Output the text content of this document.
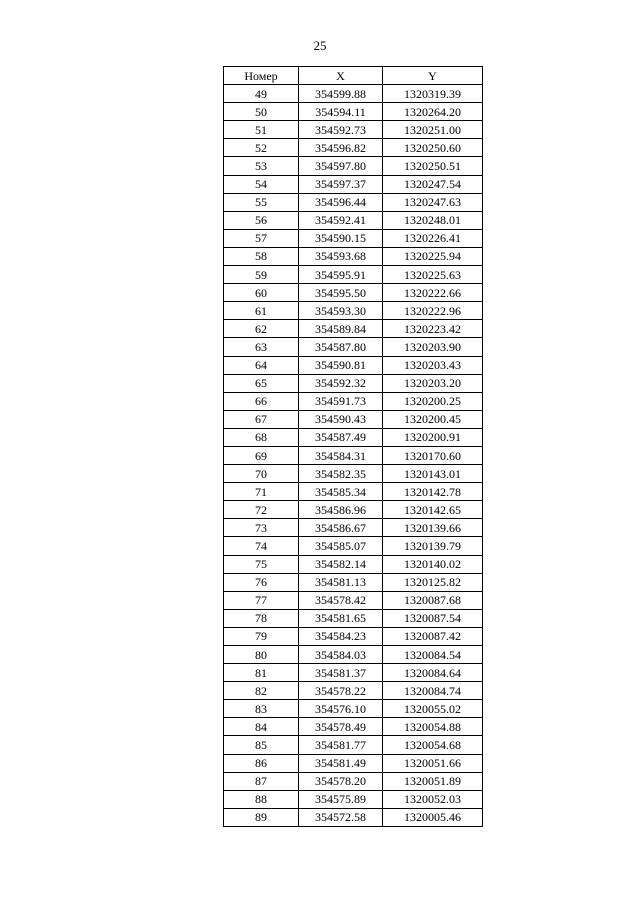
25
Номер	X	Y
49	354599.88	1320319.39
50	354594.11	1320264.20
51	354592.73	1320251.00
52	354596.82	1320250.60
53	354597.80	1320250.51
54	354597.37	1320247.54
55	354596.44	1320247.63
56	354592.41	1320248.01
57	354590.15	1320226.41
58	354593.68	1320225.94
59	354595.91	1320225.63
60	354595.50	1320222.66
61	354593.30	1320222.96
62	354589.84	1320223.42
63	354587.80	1320203.90
64	354590.81	1320203.43
65	354592.32	1320203.20
66	354591.73	1320200.25
67	354590.43	1320200.45
68	354587.49	1320200.91
69	354584.31	1320170.60
70	354582.35	1320143.01
71	354585.34	1320142.78
72	354586.96	1320142.65
73	354586.67	1320139.66
74	354585.07	1320139.79
75	354582.14	1320140.02
76	354581.13	1320125.82
77	354578.42	1320087.68
78	354581.65	1320087.54
79	354584.23	1320087.42
80	354584.03	1320084.54
81	354581.37	1320084.64
82	354578.22	1320084.74
83	354576.10	1320055.02
84	354578.49	1320054.88
85	354581.77	1320054.68
86	354581.49	1320051.66
87	354578.20	1320051.89
88	354575.89	1320052.03
89	354572.58	1320005.46
